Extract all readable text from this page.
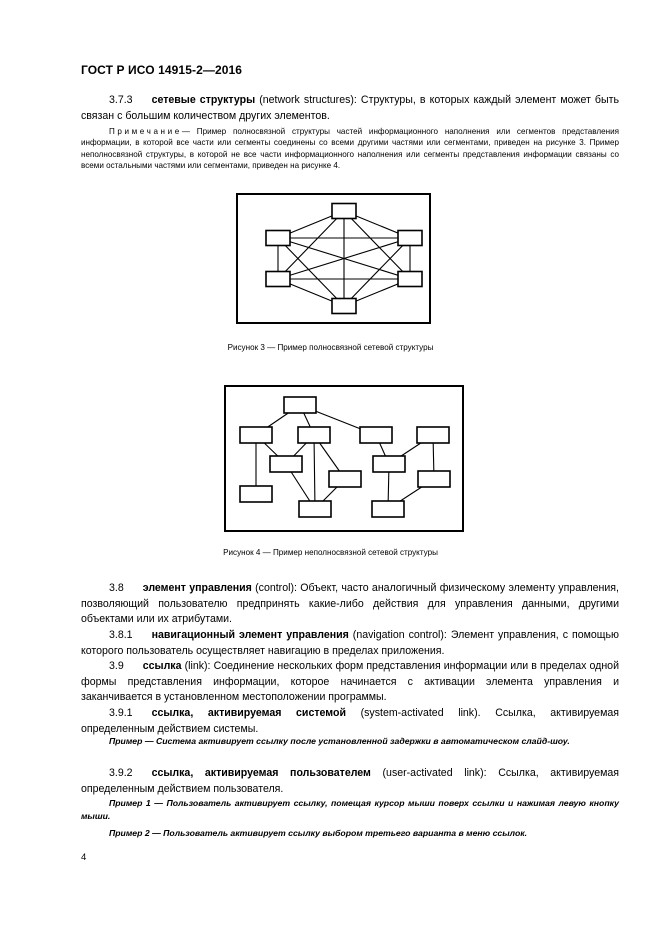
ГОСТ Р ИСО 14915-2—2016
3.7.3 сетевые структуры (network structures): Структуры, в которых каждый элемент может быть связан с большим количеством других элементов.
Примечание— Пример полносвязной структуры частей информационного наполнения или сегментов представления информации, в которой все части или сегменты соединены со всеми другими частями или сегментами, приведен на рисунке 3. Пример неполносвязной структуры, в которой не все части информационного наполнения или сегменты представления информации связаны со всеми остальными частями или сегментами, приведен на рисунке 4.
Рисунок 3 — Пример полносвязной сетевой структуры
Рисунок 4 — Пример неполносвязной сетевой структуры
3.8 элемент управления (control): Объект, часто аналогичный физическому элементу управления, позволяющий пользователю предпринять какие-либо действия для управления данными, другими объектами или их атрибутами.
3.8.1 навигационный элемент управления (navigation control): Элемент управления, с помощью которого пользователь осуществляет навигацию в пределах приложения.
3.9 ссылка (link): Соединение нескольких форм представления информации или в пределах одной формы представления информации, которое начинается с активации элемента управления и заканчивается в установленном местоположении программы.
3.9.1 ссылка, активируемая системой (system-activated link). Ссылка, активируемая определенным действием системы.
Пример — Система активирует ссылку после установленной задержки в автоматическом слайд-шоу.
3.9.2 ссылка, активируемая пользователем (user-activated link): Ссылка, активируемая определенным действием пользователя.
Пример 1 — Пользователь активирует ссылку, помещая курсор мыши поверх ссылки и нажимая левую кнопку мыши.
Пример 2 — Пользователь активирует ссылку выбором третьего варианта в меню ссылок.
4
